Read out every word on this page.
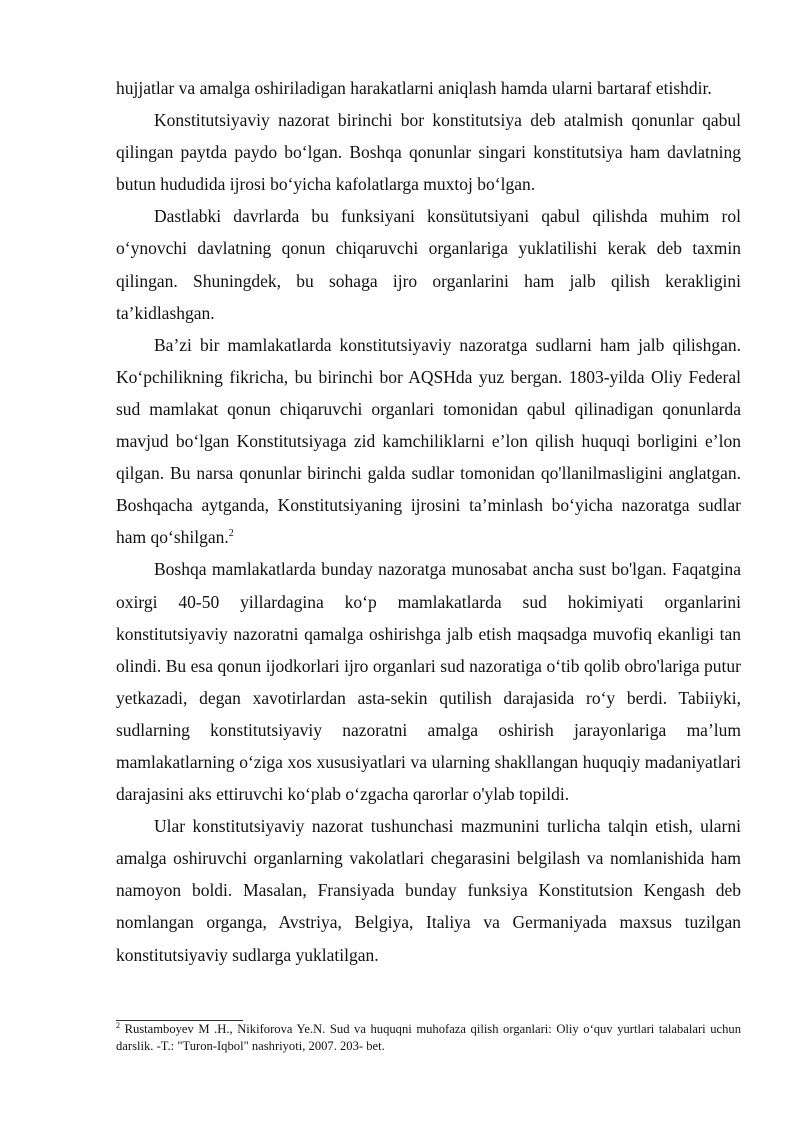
hujjatlar va amalga oshiriladigan harakatlarni aniqlash hamda ularni bartaraf etishdir.

Konstitutsiyaviy nazorat birinchi bor konstitutsiya deb atalmish qonunlar qabul qilingan paytda paydo bo‘lgan. Boshqa qonunlar singari konstitutsiya ham davlatning butun hududida ijrosi bo‘yicha kafolatlarga muxtoj bo‘lgan.

Dastlabki davrlarda bu funksiyani konsütutsiyani qabul qilishda muhim rol o‘ynovchi davlatning qonun chiqaruvchi organlariga yuklatilishi kerak deb taxmin qilingan. Shuningdek, bu sohaga ijro organlarini ham jalb qilish kerakligini ta’kidlashgan.

Ba’zi bir mamlakatlarda konstitutsiyaviy nazoratga sudlarni ham jalb qilishgan. Ko‘pchilikning fikricha, bu birinchi bor AQSHda yuz bergan. 1803-yilda Oliy Federal sud mamlakat qonun chiqaruvchi organlari tomonidan qabul qilinadigan qonunlarda mavjud bo‘lgan Konstitutsiyaga zid kamchiliklarni e’lon qilish huquqi borligini e’lon qilgan. Bu narsa qonunlar birinchi galda sudlar tomonidan qo'llanilmasligini anglatgan. Boshqacha aytganda, Konstitutsiyaning ijrosini ta’minlash bo‘yicha nazoratga sudlar ham qo‘shilgan.$^2$

Boshqa mamlakatlarda bunday nazoratga munosabat ancha sust bo'lgan. Faqatgina oxirgi 40-50 yillardagina ko‘p mamlakatlarda sud hokimiyati organlarini konstitutsiyaviy nazoratni qamalga oshirishga jalb etish maqsadga muvofiq ekanligi tan olindi. Bu esa qonun ijodkorlari ijro organlari sud nazoratiga o‘tib qolib obro'lariga putur yetkazadi, degan xavotirlardan asta-sekin qutilish darajasida ro‘y berdi. Tabiiyki, sudlarning konstitutsiyaviy nazoratni amalga oshirish jarayonlariga ma’lum mamlakatlarning o‘ziga xos xususiyatlari va ularning shakllangan huquqiy madaniyatlari darajasini aks ettiruvchi ko‘plab o‘zgacha qarorlar o'ylab topildi.

Ular konstitutsiyaviy nazorat tushunchasi mazmunini turlicha talqin etish, ularni amalga oshiruvchi organlarning vakolatlari chegarasini belgilash va nomlanishida ham namoyon boldi. Masalan, Fransiyada bunday funksiya Konstitutsion Kengash deb nomlangan organga, Avstriya, Belgiya, Italiya va Germaniyada maxsus tuzilgan konstitutsiyaviy sudlarga yuklatilgan.

$^2$ Rustamboyev M .H., Nikiforova Ye.N. Sud va huquqni muhofaza qilish organlari: Oliy o‘quv yurtlari talabalari uchun darslik. -T.: "Turon-Iqbol" nashriyoti, 2007. 203- bet.
